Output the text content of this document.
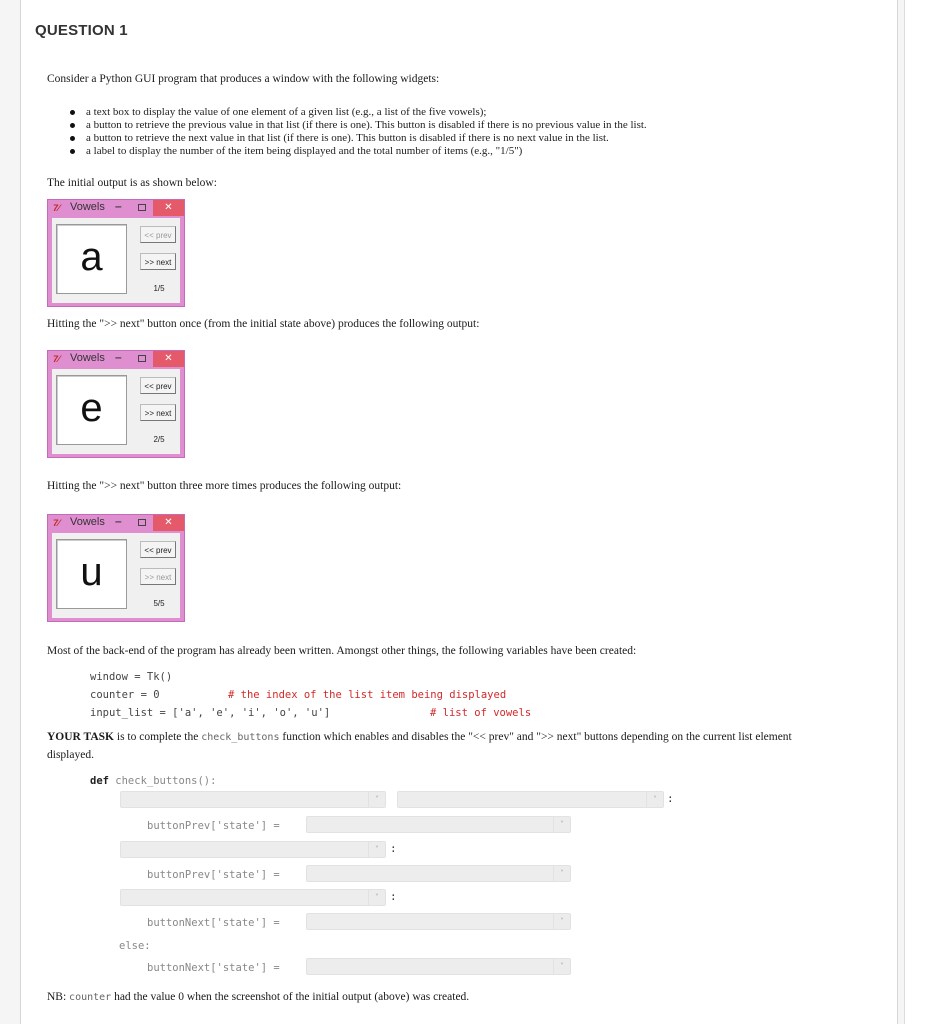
QUESTION 1
Consider a Python GUI program that produces a window with the following widgets:
a text box to display the value of one element of a given list (e.g., a list of the five vowels);
a button to retrieve the previous value in that list (if there is one). This button is disabled if there is no previous value in the list.
a button to retrieve the next value in that list (if there is one). This button is disabled if there is no next value in the list.
a label to display the number of the item being displayed and the total number of items (e.g., "1/5")
The initial output is as shown below:
7⁄ Vowels –	✕
a	<< prev
>> next
1/5
Hitting the ">> next" button once (from the initial state above) produces the following output:
7⁄ Vowels –	✕
e	<< prev
>> next
2/5
Hitting the ">> next" button three more times produces the following output:
7⁄ Vowels –	✕
u	<< prev
>> next
5/5
Most of the back-end of the program has already been written. Amongst other things, the following variables have been created:
window = Tk()
counter = 0	# the index of the list item being displayed
input_list = ['a', 'e', 'i', 'o', 'u']	# list of vowels
YOUR TASK is to complete the check_buttons function which enables and disables the "<< prev" and ">> next" buttons depending on the current list element
displayed.
def check_buttons():
˅	˅ :
buttonPrev['state'] =	˅
˅	:
buttonPrev['state'] =	˅
˅	:
buttonNext['state'] =	˅
else:
buttonNext['state'] =	˅
NB: counter had the value 0 when the screenshot of the initial output (above) was created.
